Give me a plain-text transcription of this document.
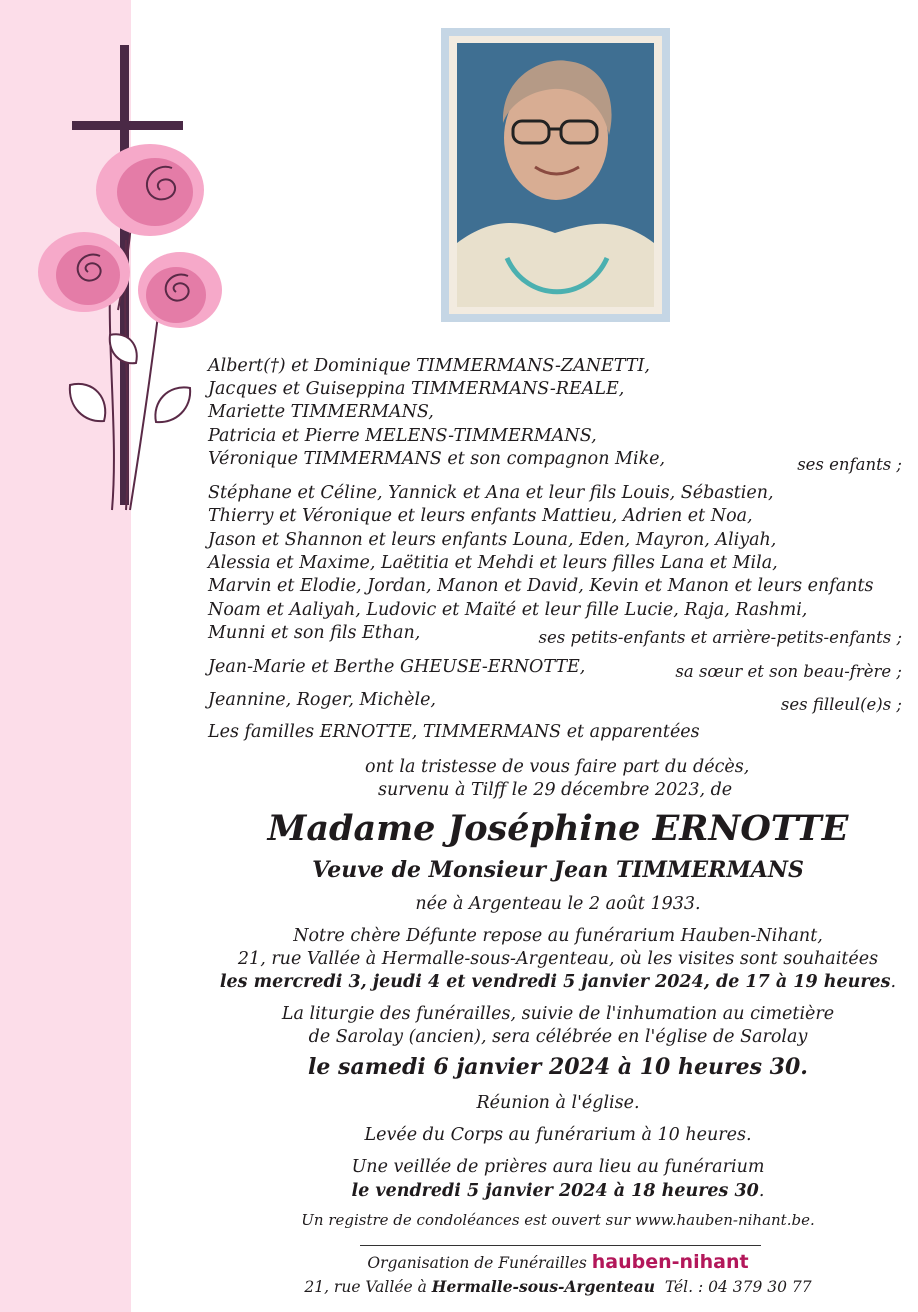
Albert(†) et Dominique TIMMERMANS-ZANETTI,
Jacques et Guiseppina TIMMERMANS-REALE,
Mariette TIMMERMANS,
Patricia et Pierre MELENS-TIMMERMANS,
Véronique TIMMERMANS et son compagnon Mike,	ses enfants ;
Stéphane et Céline, Yannick et Ana et leur fils Louis, Sébastien,
Thierry et Véronique et leurs enfants Mattieu, Adrien et Noa,
Jason et Shannon et leurs enfants Louna, Eden, Mayron, Aliyah,
Alessia et Maxime, Laëtitia et Mehdi et leurs filles Lana et Mila,
Marvin et Elodie, Jordan, Manon et David, Kevin et Manon et leurs enfants
Noam et Aaliyah, Ludovic et Maïté et leur fille Lucie, Raja, Rashmi,
Munni et son fils Ethan,	ses petits-enfants et arrière-petits-enfants ;
Jean-Marie et Berthe GHEUSE-ERNOTTE,	sa sœur et son beau-frère ;
Jeannine, Roger, Michèle,	ses filleul(e)s ;
Les familles ERNOTTE, TIMMERMANS et apparentées
ont la tristesse de vous faire part du décès,
survenu à Tilff le 29 décembre 2023, de
Madame Joséphine ERNOTTE
Veuve de Monsieur Jean TIMMERMANS
née à Argenteau le 2 août 1933.
Notre chère Défunte repose au funérarium Hauben-Nihant,
21, rue Vallée à Hermalle-sous-Argenteau, où les visites sont souhaitées
les mercredi 3, jeudi 4 et vendredi 5 janvier 2024, de 17 à 19 heures.
La liturgie des funérailles, suivie de l'inhumation au cimetière
de Sarolay (ancien), sera célébrée en l'église de Sarolay
le samedi 6 janvier 2024 à 10 heures 30.
Réunion à l'église.
Levée du Corps au funérarium à 10 heures.
Une veillée de prières aura lieu au funérarium
le vendredi 5 janvier 2024 à 18 heures 30.
Un registre de condoléances est ouvert sur www.hauben-nihant.be.
Organisation de Funérailles hauben-nihant
21, rue Vallée à Hermalle-sous-Argenteau Tél. : 04 379 30 77
